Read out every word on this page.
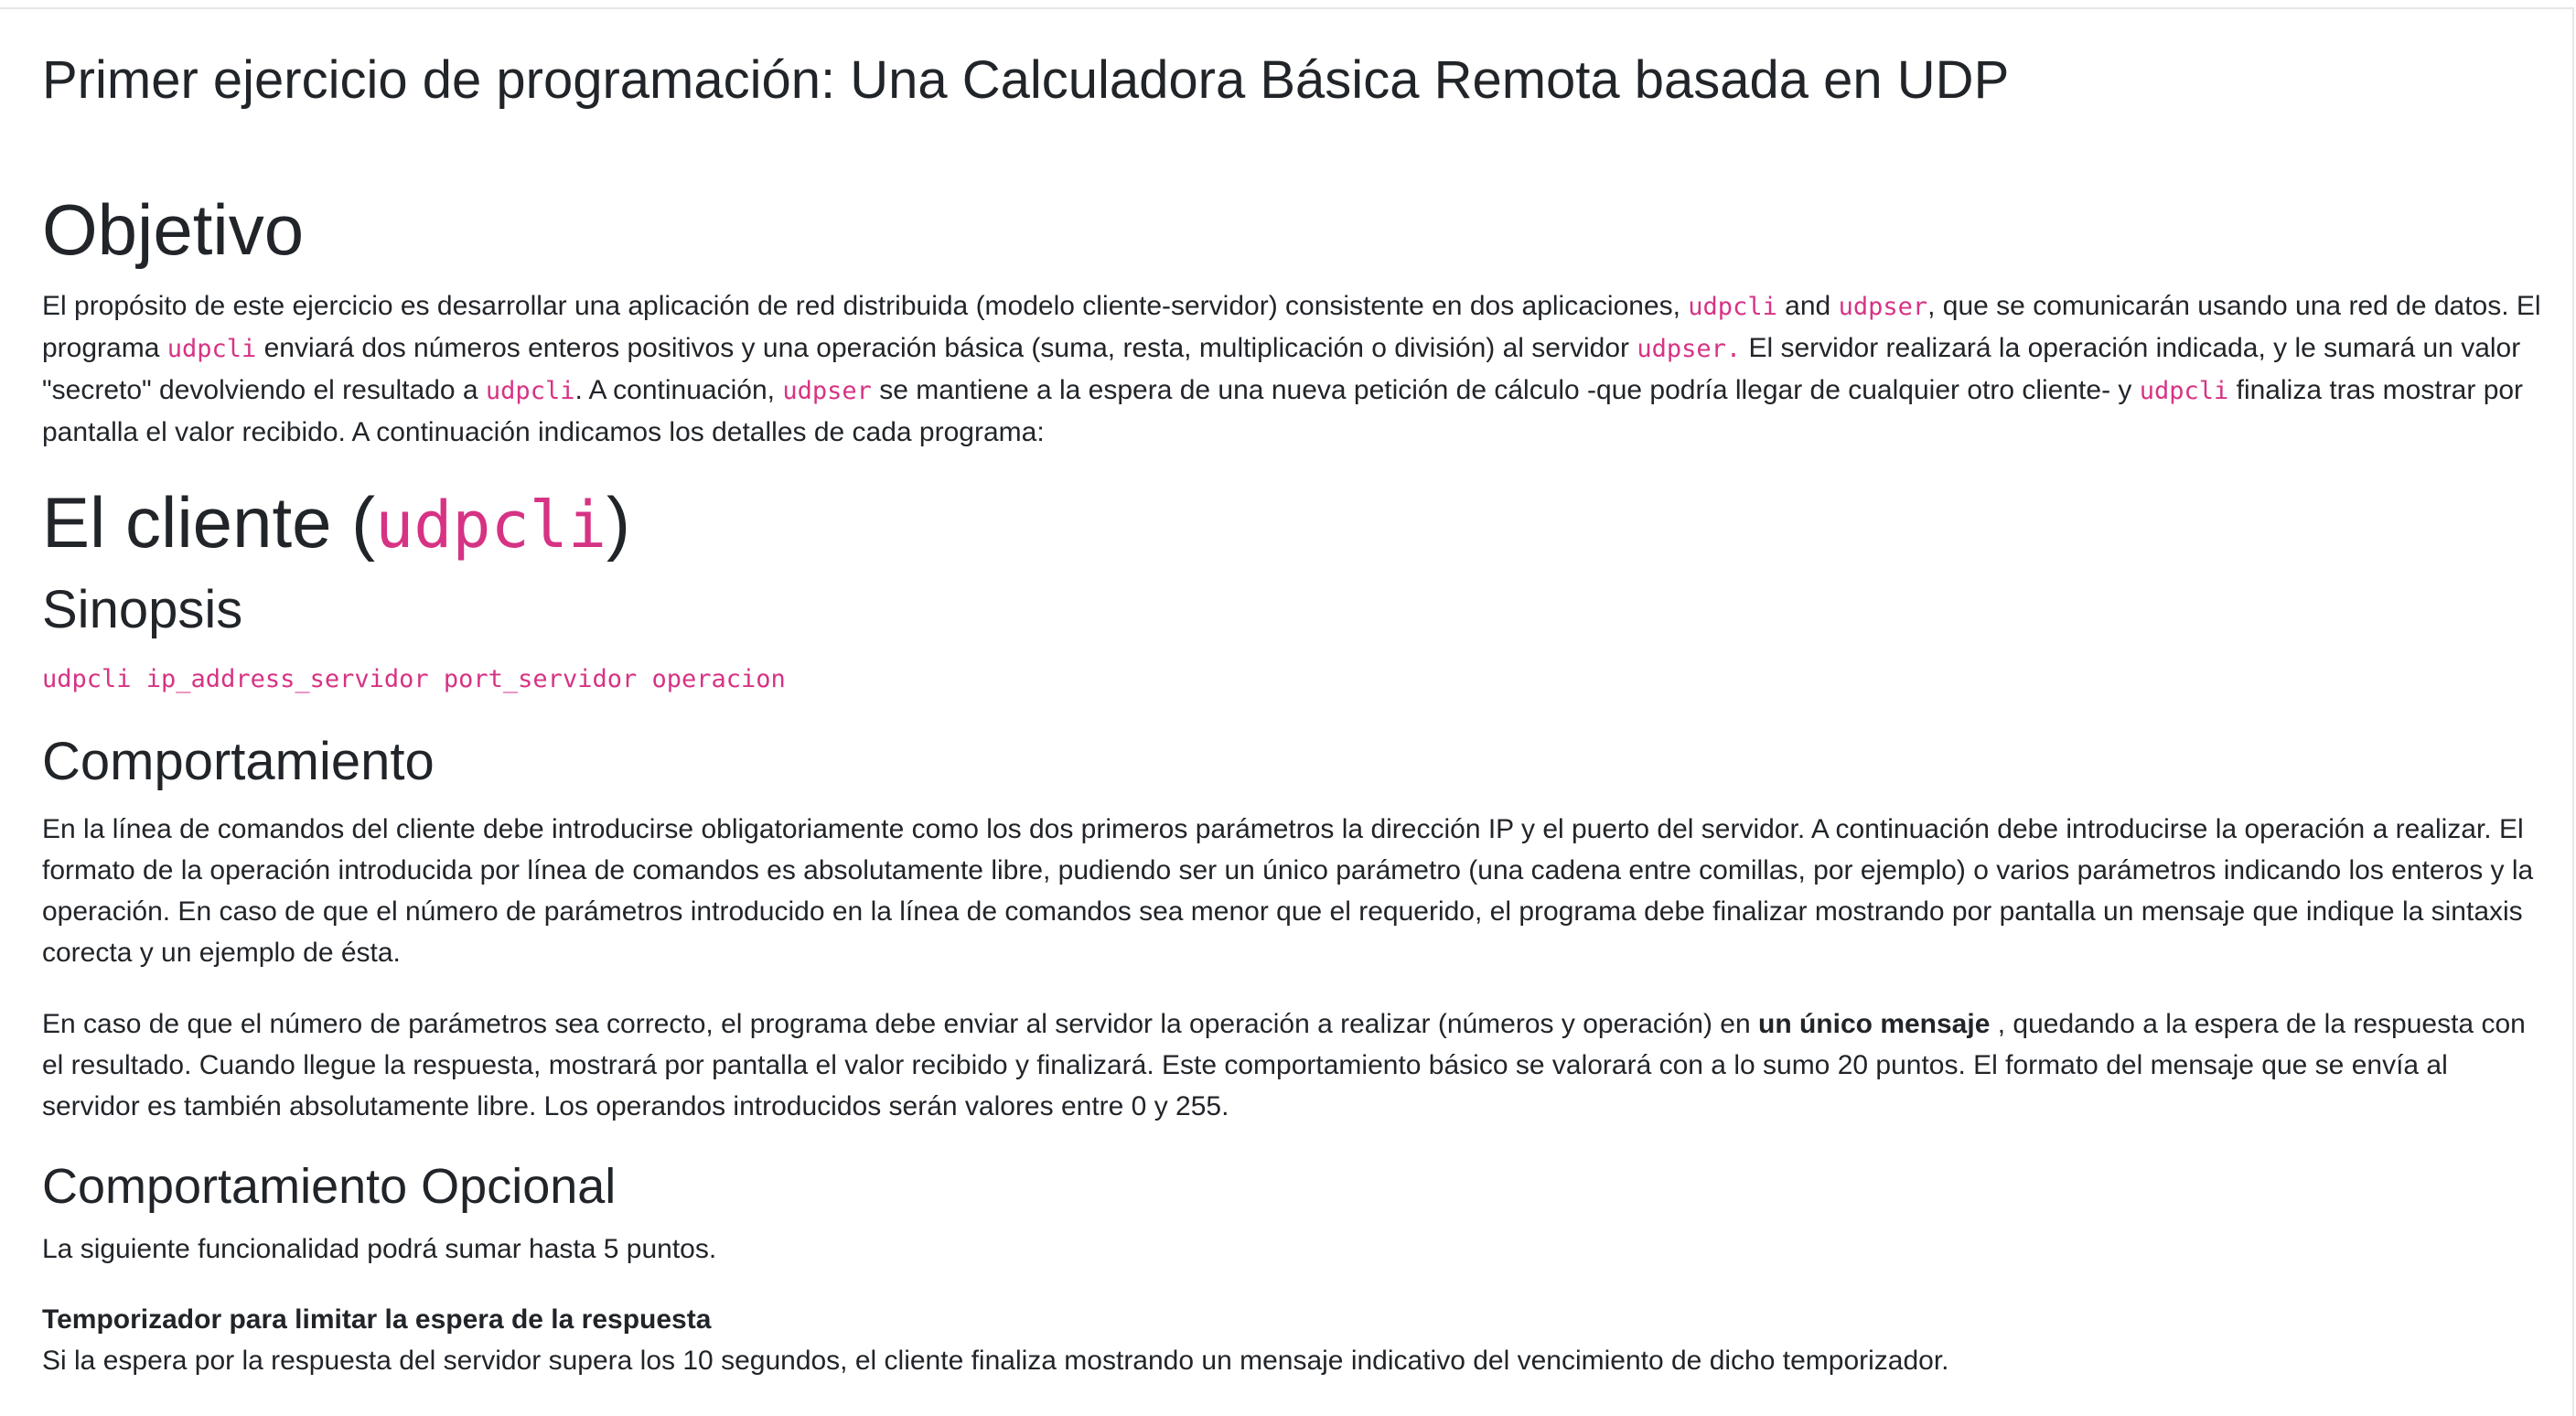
Primer ejercicio de programación: Una Calculadora Básica Remota basada en UDP
Objetivo

El propósito de este ejercicio es desarrollar una aplicación de red distribuida (modelo cliente-servidor) consistente en dos aplicaciones, udpcli and udpser, que se comunicarán usando una red de datos. El programa udpcli enviará dos números enteros positivos y una operación básica (suma, resta, multiplicación o división) al servidor udpser. El servidor realizará la operación indicada, y le sumará un valor "secreto" devolviendo el resultado a udpcli. A continuación, udpser se mantiene a la espera de una nueva petición de cálculo -que podría llegar de cualquier otro cliente- y udpcli finaliza tras mostrar por pantalla el valor recibido. A continuación indicamos los detalles de cada programa:

El cliente (udpcli)
Sinopsis

udpcli ip_address_servidor port_servidor operacion

Comportamiento

En la línea de comandos del cliente debe introducirse obligatoriamente como los dos primeros parámetros la dirección IP y el puerto del servidor. A continuación debe introducirse la operación a realizar. El formato de la operación introducida por línea de comandos es absolutamente libre, pudiendo ser un único parámetro (una cadena entre comillas, por ejemplo) o varios parámetros indicando los enteros y la operación. En caso de que el número de parámetros introducido en la línea de comandos sea menor que el requerido, el programa debe finalizar mostrando por pantalla un mensaje que indique la sintaxis corecta y un ejemplo de ésta.

En caso de que el número de parámetros sea correcto, el programa debe enviar al servidor la operación a realizar (números y operación) en un único mensaje , quedando a la espera de la respuesta con el resultado. Cuando llegue la respuesta, mostrará por pantalla el valor recibido y finalizará. Este comportamiento básico se valorará con a lo sumo 20 puntos. El formato del mensaje que se envía al servidor es también absolutamente libre. Los operandos introducidos serán valores entre 0 y 255.

Comportamiento Opcional

La siguiente funcionalidad podrá sumar hasta 5 puntos.

Temporizador para limitar la espera de la respuesta

Si la espera por la respuesta del servidor supera los 10 segundos, el cliente finaliza mostrando un mensaje indicativo del vencimiento de dicho temporizador.
